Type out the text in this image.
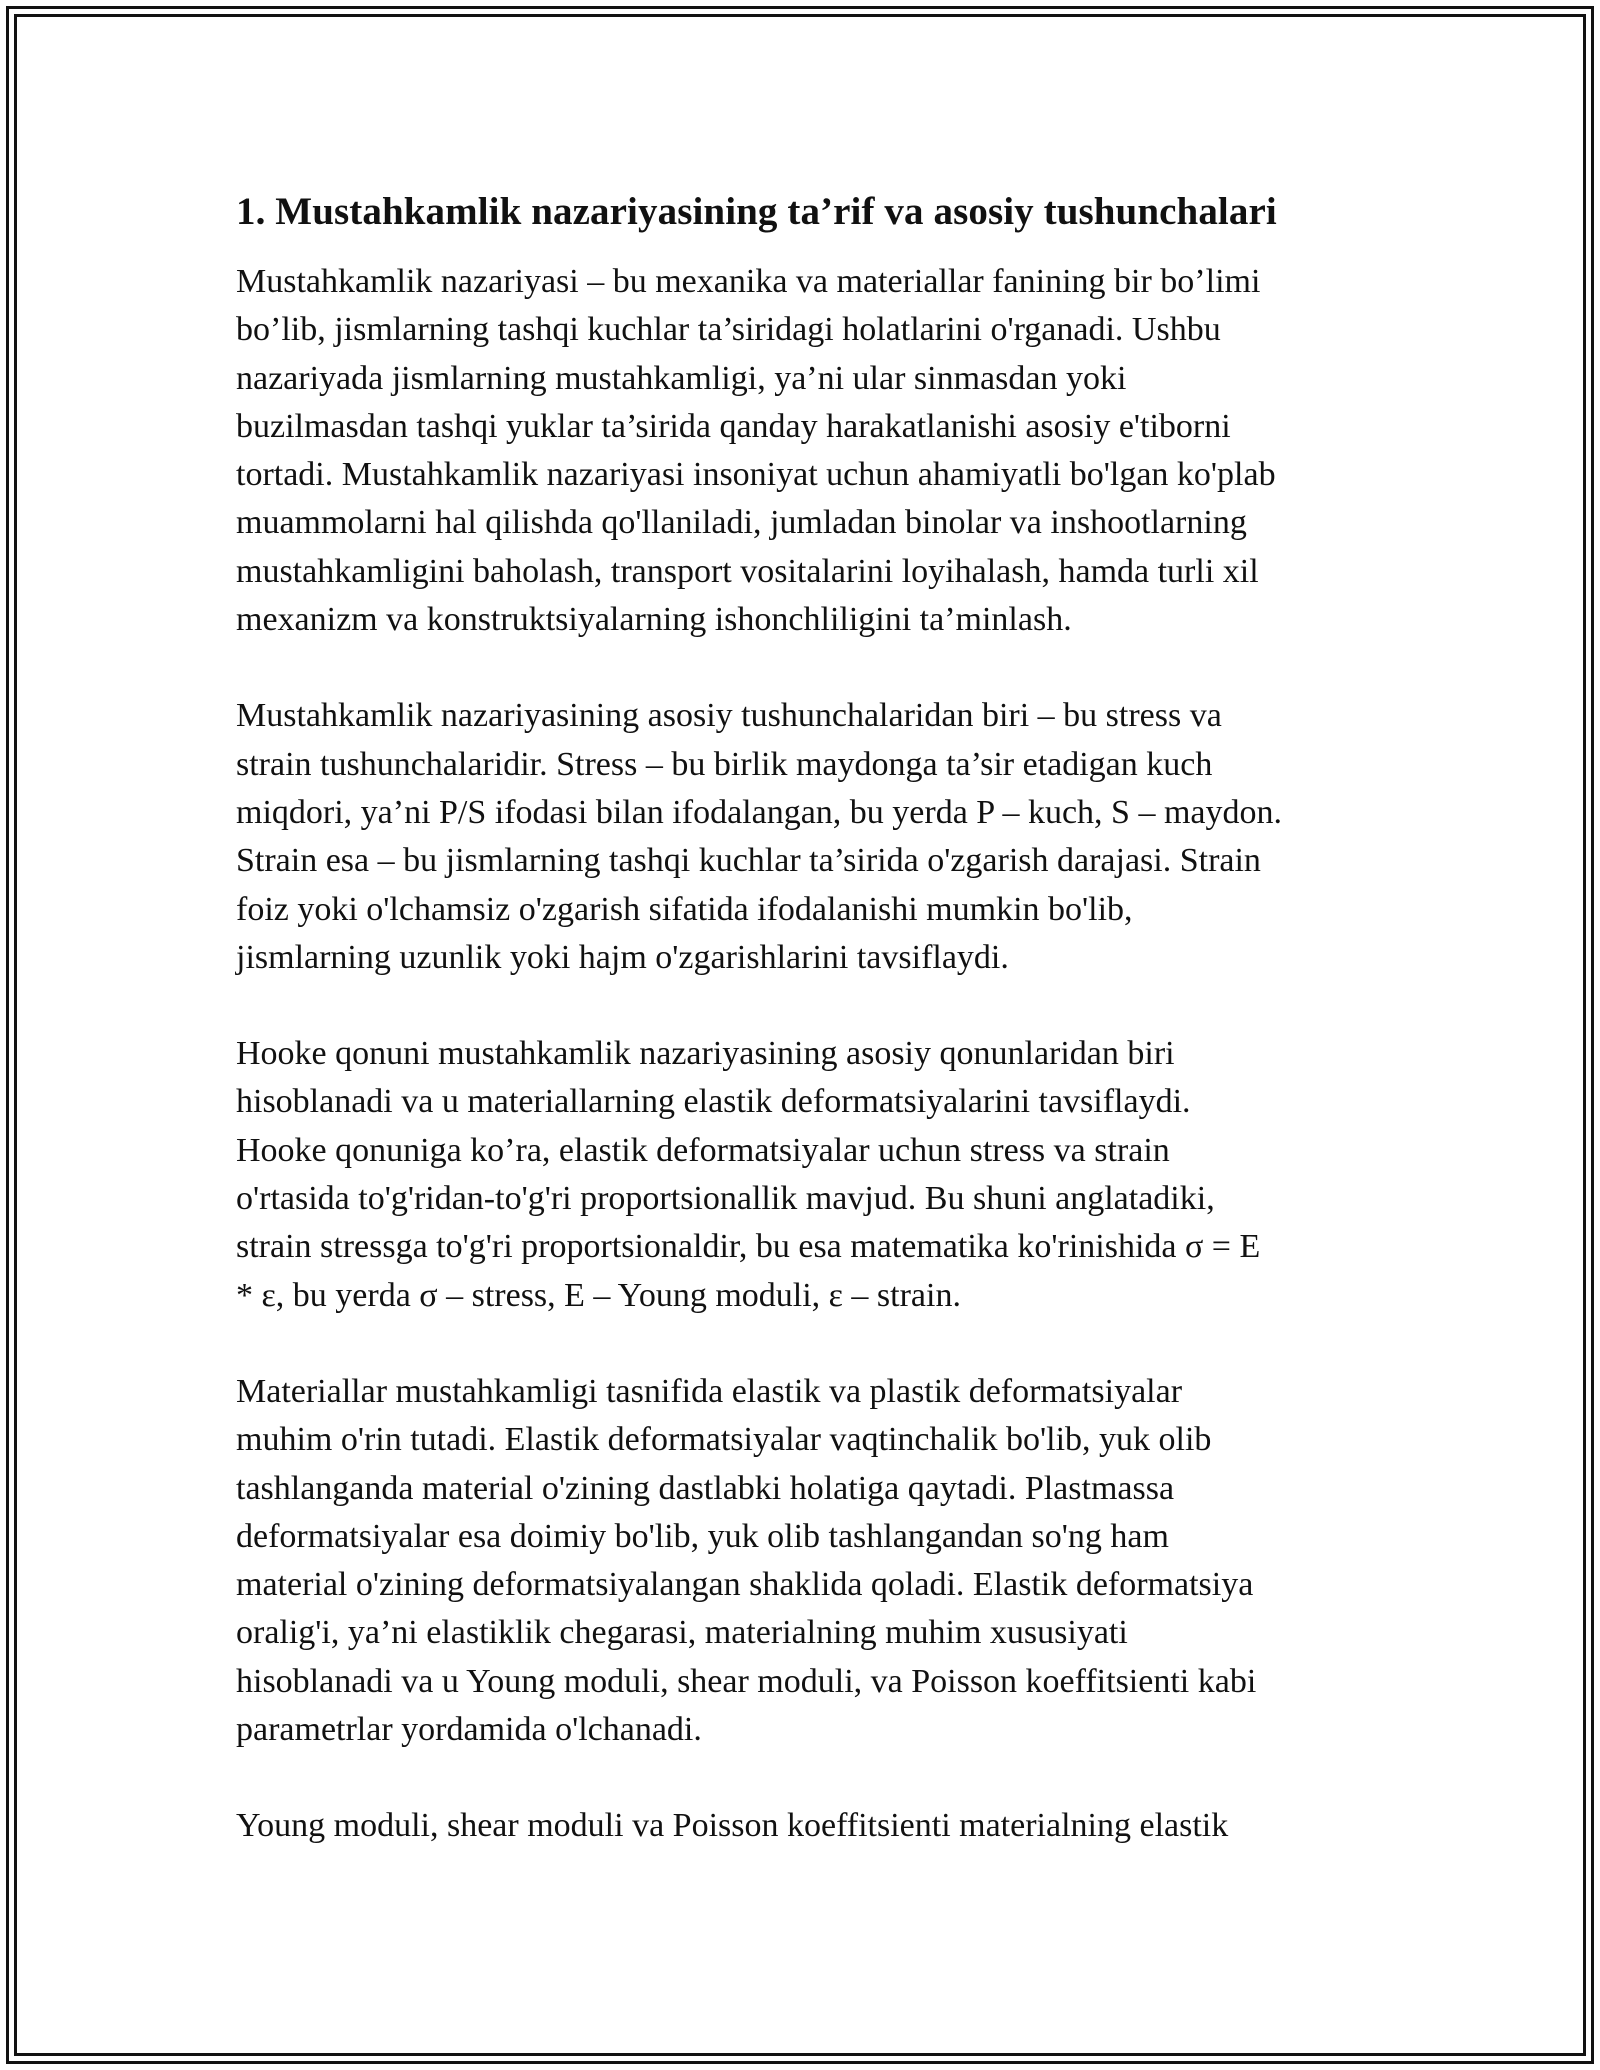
1. Mustahkamlik nazariyasining ta’rif va asosiy tushunchalari

Mustahkamlik nazariyasi – bu mexanika va materiallar fanining bir bo’limi
bo’lib, jismlarning tashqi kuchlar ta’siridagi holatlarini o'rganadi. Ushbu
nazariyada jismlarning mustahkamligi, ya’ni ular sinmasdan yoki
buzilmasdan tashqi yuklar ta’sirida qanday harakatlanishi asosiy e'tiborni
tortadi. Mustahkamlik nazariyasi insoniyat uchun ahamiyatli bo'lgan ko'plab
muammolarni hal qilishda qo'llaniladi, jumladan binolar va inshootlarning
mustahkamligini baholash, transport vositalarini loyihalash, hamda turli xil
mexanizm va konstruktsiyalarning ishonchliligini ta’minlash.

Mustahkamlik nazariyasining asosiy tushunchalaridan biri – bu stress va
strain tushunchalaridir. Stress – bu birlik maydonga ta’sir etadigan kuch
miqdori, ya’ni P/S ifodasi bilan ifodalangan, bu yerda P – kuch, S – maydon.
Strain esa – bu jismlarning tashqi kuchlar ta’sirida o'zgarish darajasi. Strain
foiz yoki o'lchamsiz o'zgarish sifatida ifodalanishi mumkin bo'lib,
jismlarning uzunlik yoki hajm o'zgarishlarini tavsiflaydi.

Hooke qonuni mustahkamlik nazariyasining asosiy qonunlaridan biri
hisoblanadi va u materiallarning elastik deformatsiyalarini tavsiflaydi.
Hooke qonuniga ko’ra, elastik deformatsiyalar uchun stress va strain
o'rtasida to'g'ridan-to'g'ri proportsionallik mavjud. Bu shuni anglatadiki,
strain stressga to'g'ri proportsionaldir, bu esa matematika ko'rinishida σ = E
* ε, bu yerda σ – stress, E – Young moduli, ε – strain.

Materiallar mustahkamligi tasnifida elastik va plastik deformatsiyalar
muhim o'rin tutadi. Elastik deformatsiyalar vaqtinchalik bo'lib, yuk olib
tashlanganda material o'zining dastlabki holatiga qaytadi. Plastmassa
deformatsiyalar esa doimiy bo'lib, yuk olib tashlangandan so'ng ham
material o'zining deformatsiyalangan shaklida qoladi. Elastik deformatsiya
oralig'i, ya’ni elastiklik chegarasi, materialning muhim xususiyati
hisoblanadi va u Young moduli, shear moduli, va Poisson koeffitsienti kabi
parametrlar yordamida o'lchanadi.

Young moduli, shear moduli va Poisson koeffitsienti materialning elastik
